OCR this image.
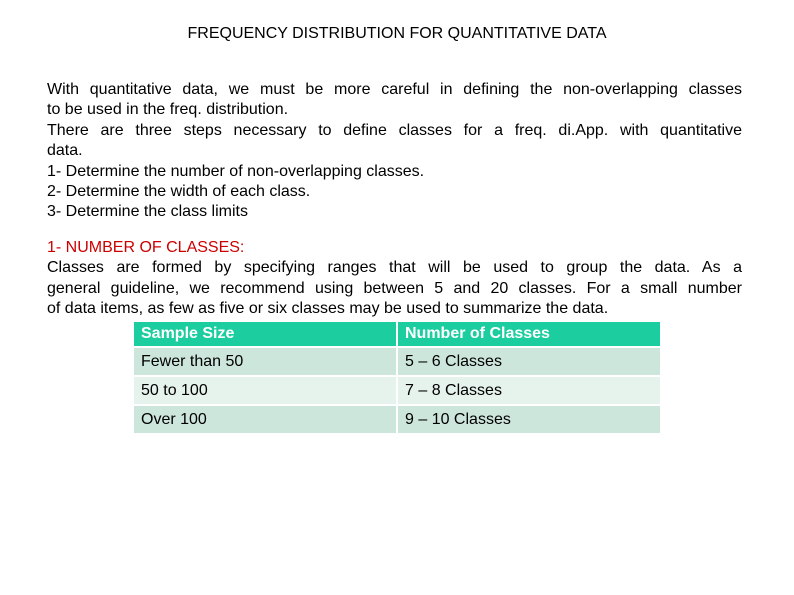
FREQUENCY DISTRIBUTION FOR QUANTITATIVE DATA
With quantitative data, we must be more careful in defining the non-overlapping classes
to be used in the freq. distribution.
There are three steps necessary to define classes for a freq. di.App. with quantitative
data.
1- Determine the number of non-overlapping classes.
2- Determine the width of each class.
3- Determine the class limits
1- NUMBER OF CLASSES:
Classes are formed by specifying ranges that will be used to group the data. As a
general guideline, we recommend using between 5 and 20 classes. For a small number
of data items, as few as five or six classes may be used to summarize the data.
Sample Size	Number of Classes
Fewer than 50	5 – 6 Classes
50 to 100	7 – 8 Classes
Over 100	9 – 10 Classes
